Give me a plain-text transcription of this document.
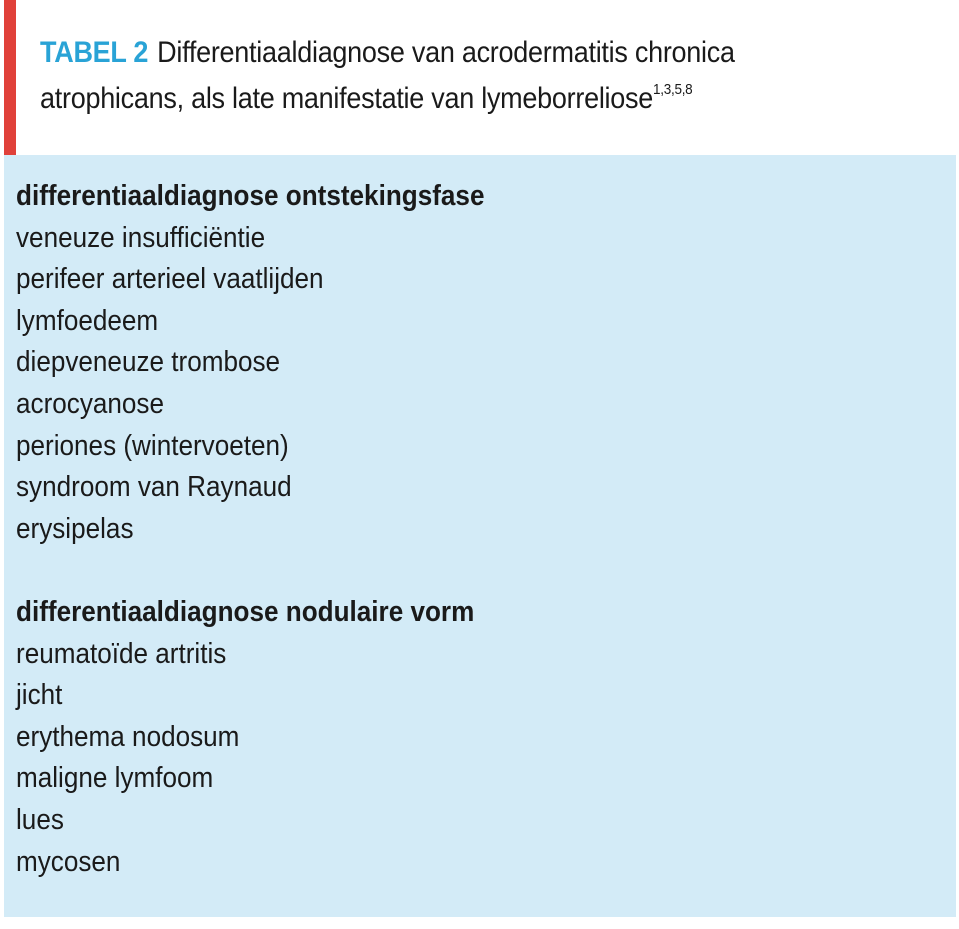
TABEL 2 Differentiaaldiagnose van acrodermatitis chronica
atrophicans, als late manifestatie van lymeborreliose$^{1,3,5,8}$
differentiaaldiagnose ontstekingsfase
veneuze insufficiëntie
perifeer arterieel vaatlijden
lymfoedeem
diepveneuze trombose
acrocyanose
periones (wintervoeten)
syndroom van Raynaud
erysipelas
differentiaaldiagnose nodulaire vorm
reumatoïde artritis
jicht
erythema nodosum
maligne lymfoom
lues
mycosen
